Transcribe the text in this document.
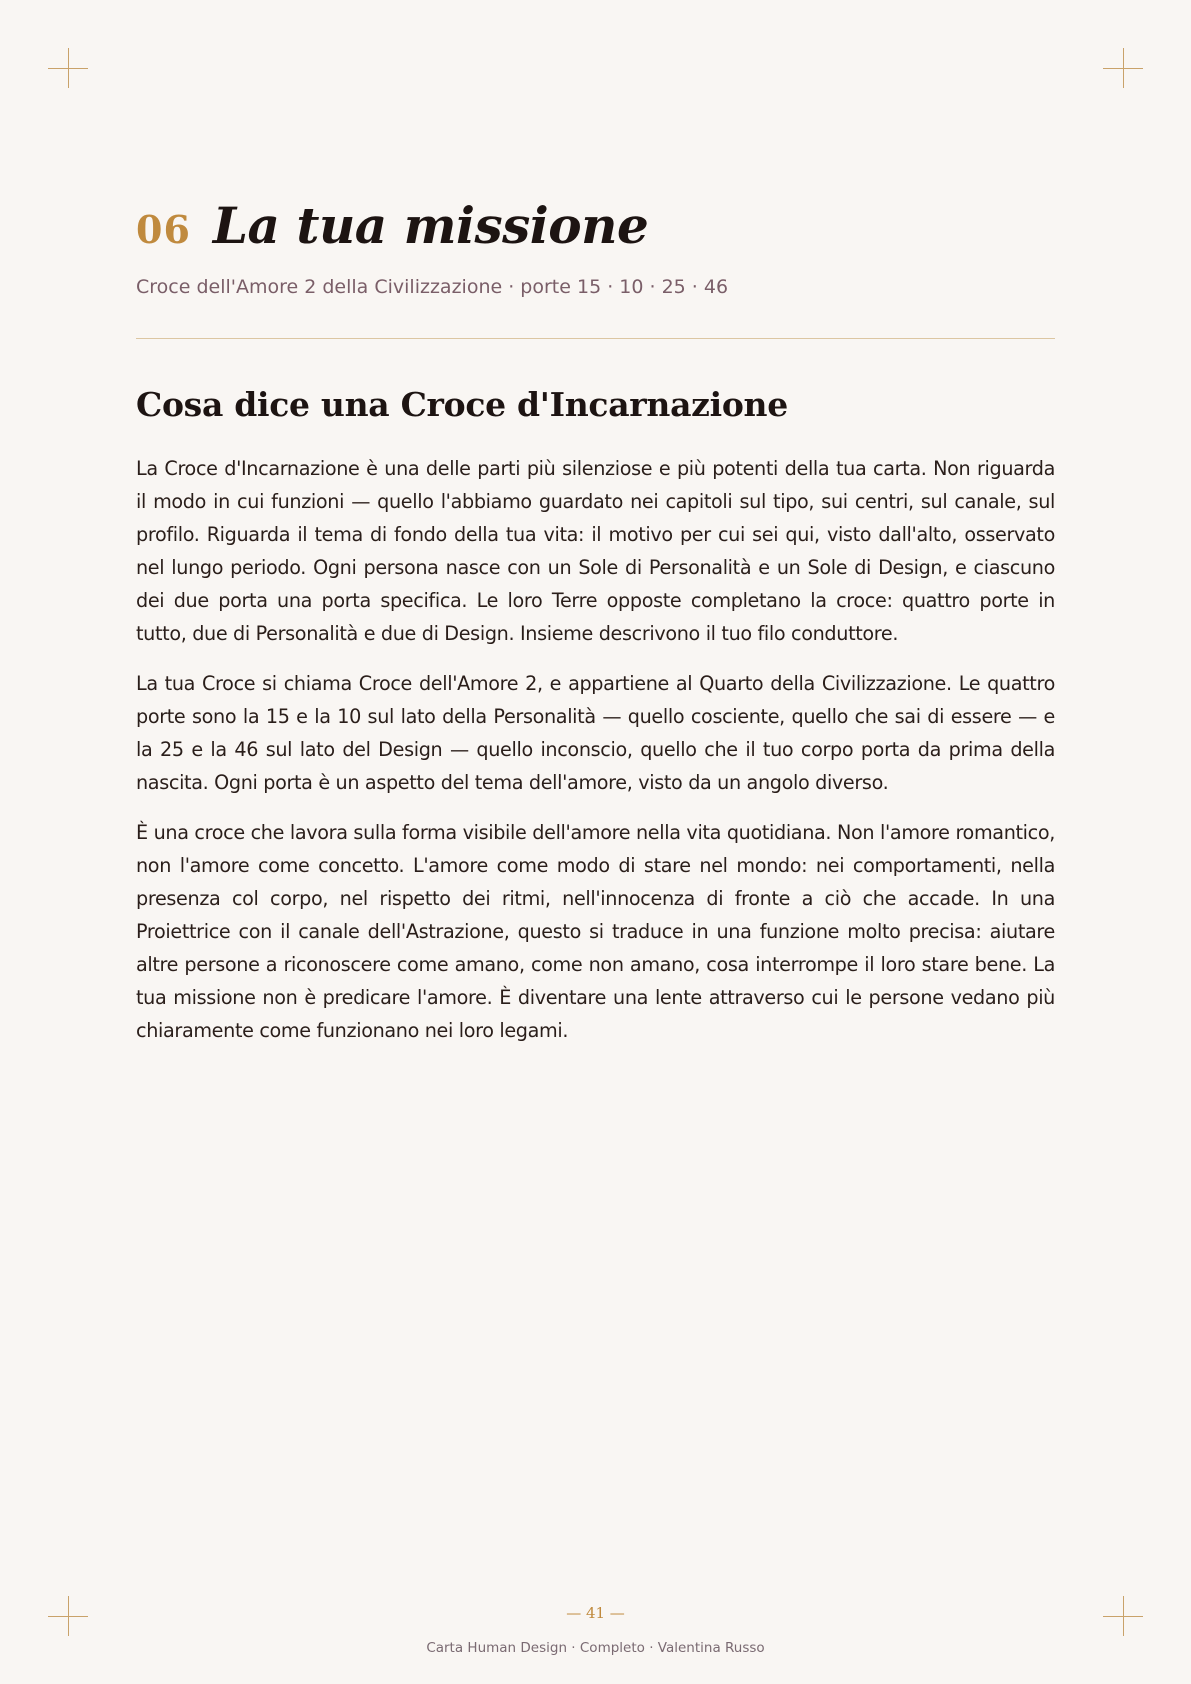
06 La tua missione
Croce dell'Amore 2 della Civilizzazione · porte 15 · 10 · 25 · 46
Cosa dice una Croce d'Incarnazione

La Croce d'Incarnazione è una delle parti più silenziose e più potenti della tua carta. Non riguarda il modo in cui funzioni — quello l'abbiamo guardato nei capitoli sul tipo, sui centri, sul canale, sul profilo. Riguarda il tema di fondo della tua vita: il motivo per cui sei qui, visto dall'alto, osservato nel lungo periodo. Ogni persona nasce con un Sole di Personalità e un Sole di Design, e ciascuno dei due porta una porta specifica. Le loro Terre opposte completano la croce: quattro porte in tutto, due di Personalità e due di Design. Insieme descrivono il tuo filo conduttore.

La tua Croce si chiama Croce dell'Amore 2, e appartiene al Quarto della Civilizzazione. Le quattro porte sono la 15 e la 10 sul lato della Personalità — quello cosciente, quello che sai di essere — e la 25 e la 46 sul lato del Design — quello inconscio, quello che il tuo corpo porta da prima della nascita. Ogni porta è un aspetto del tema dell'amore, visto da un angolo diverso.

È una croce che lavora sulla forma visibile dell'amore nella vita quotidiana. Non l'amore romantico, non l'amore come concetto. L'amore come modo di stare nel mondo: nei comportamenti, nella presenza col corpo, nel rispetto dei ritmi, nell'innocenza di fronte a ciò che accade. In una Proiettrice con il canale dell'Astrazione, questo si traduce in una funzione molto precisa: aiutare altre persone a riconoscere come amano, come non amano, cosa interrompe il loro stare bene. La tua missione non è predicare l'amore. È diventare una lente attraverso cui le persone vedano più chiaramente come funzionano nei loro legami.

— 41 —
Carta Human Design · Completo · Valentina Russo
